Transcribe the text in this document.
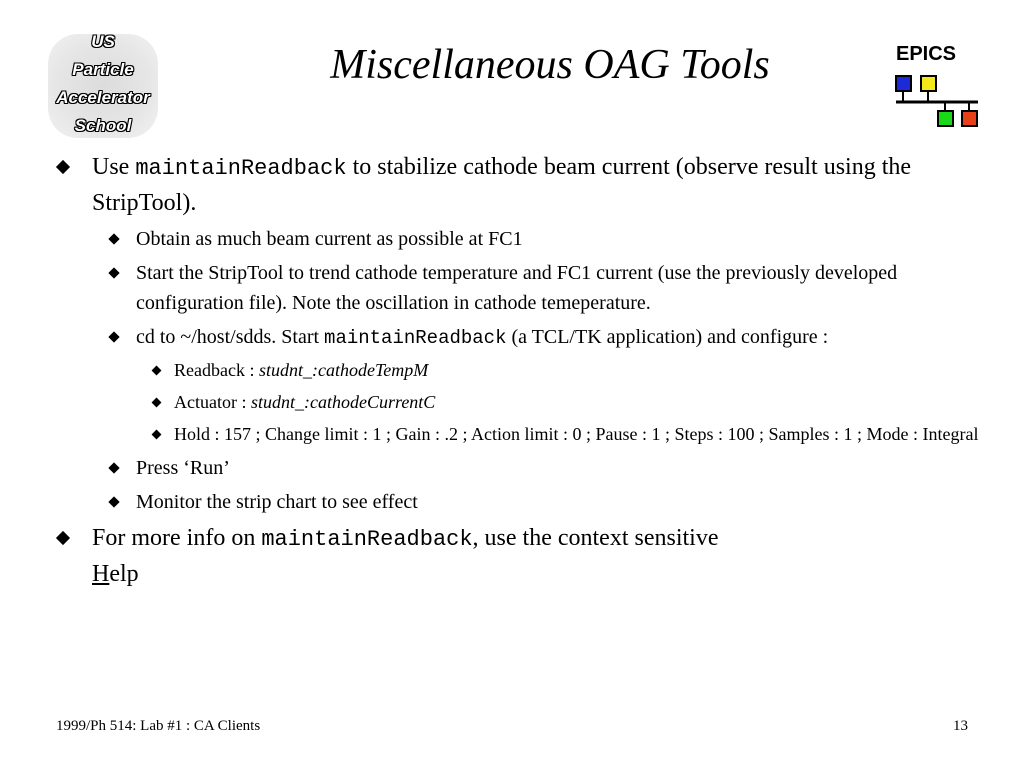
US
Particle
Accelerator
School
Miscellaneous OAG Tools	EPICS
Use maintainReadback to stabilize cathode beam current (observe result using the StripTool).
Obtain as much beam current as possible at FC1
Start the StripTool to trend cathode temperature and FC1 current (use the previously developed configuration file). Note the oscillation in cathode temeperature.
cd to ~/host/sdds. Start maintainReadback (a TCL/TK application) and configure :
Readback : studnt_:cathodeTempM
Actuator : studnt_:cathodeCurrentC
Hold : 157 ; Change limit : 1 ; Gain : .2 ; Action limit : 0 ; Pause : 1 ; Steps : 100 ; Samples : 1 ; Mode : Integral
Press ‘Run’
Monitor the strip chart to see effect
For more info on maintainReadback, use the context sensitive
Help
1999/Ph 514: Lab #1 : CA Clients	13
